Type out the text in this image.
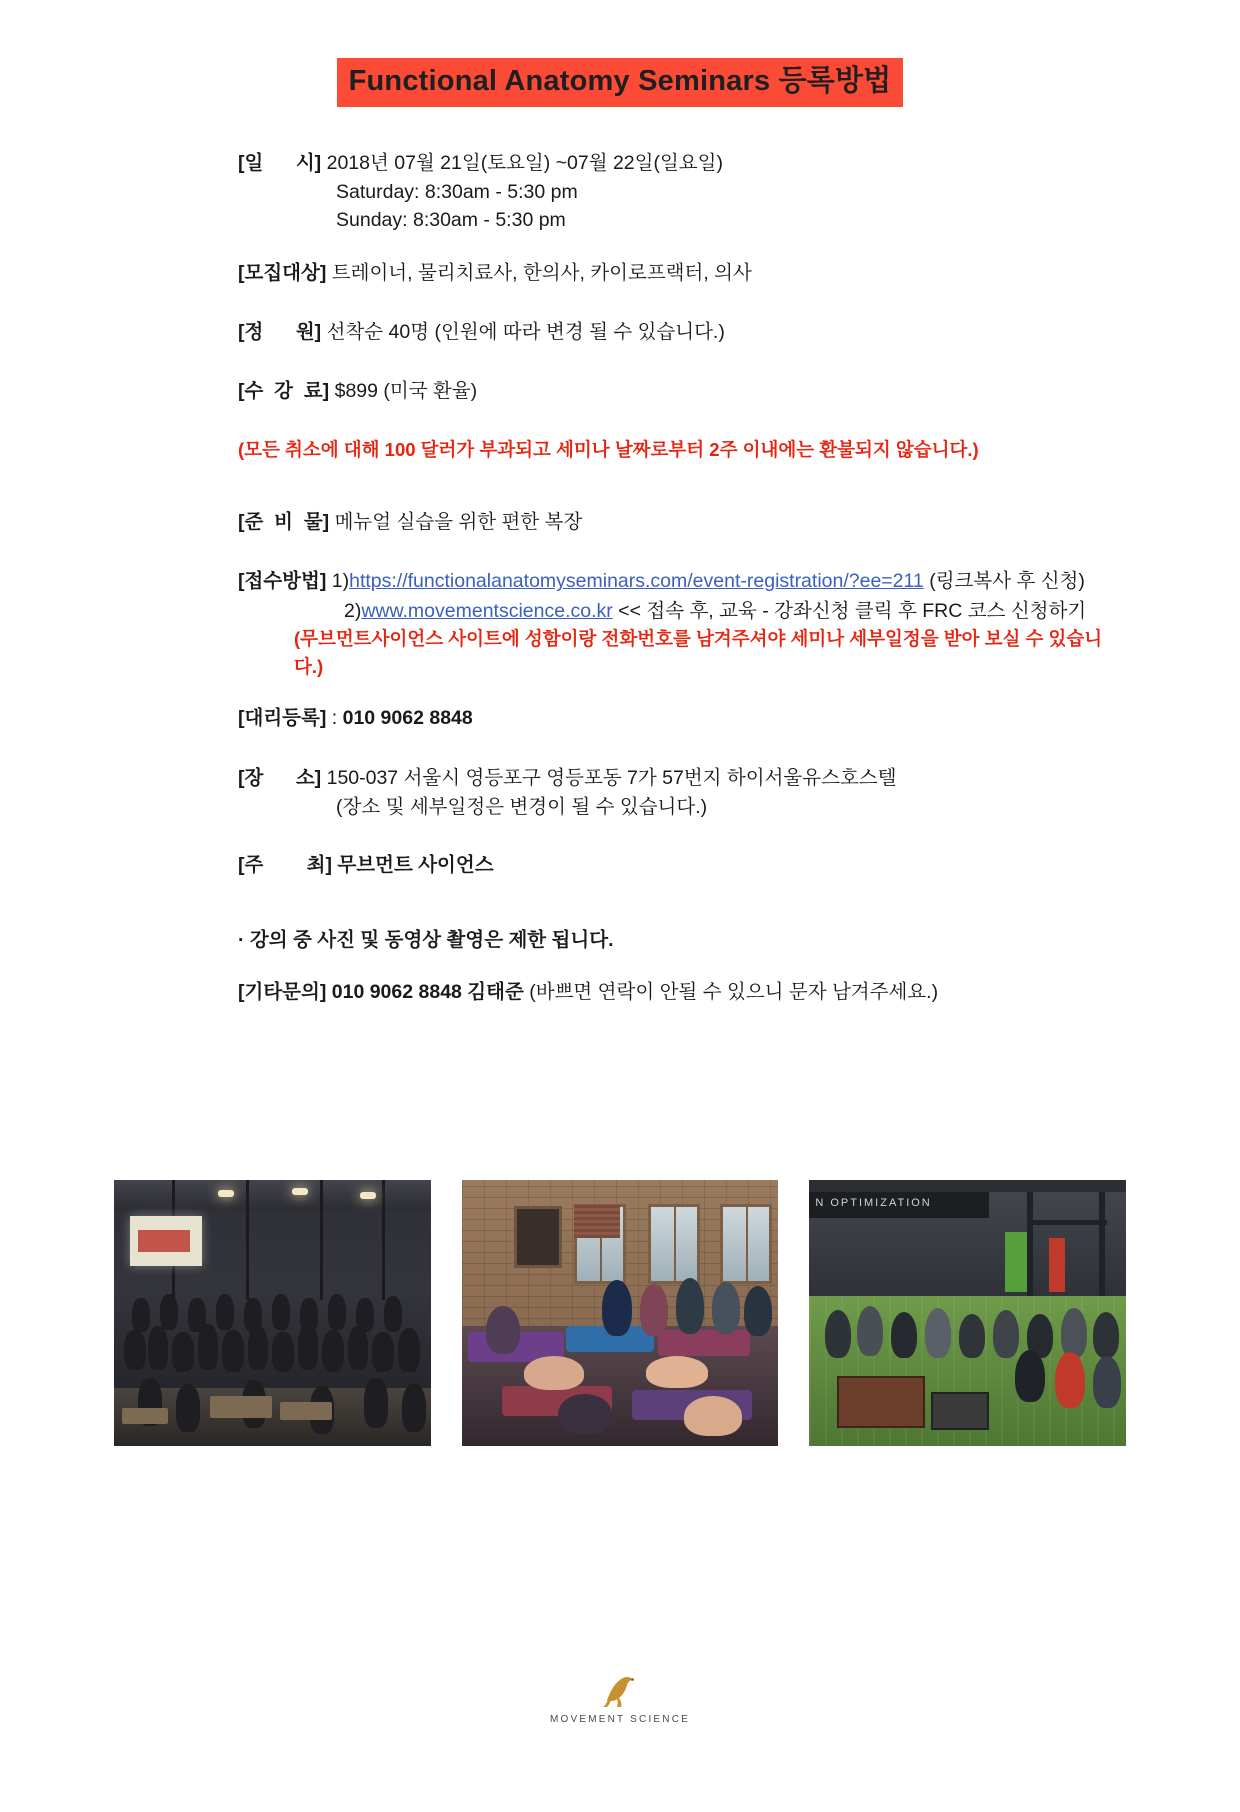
Functional Anatomy Seminars 등록방법
[일      시] 2018년 07월 21일(토요일) ~07월 22일(일요일)
Saturday: 8:30am - 5:30 pm
Sunday: 8:30am - 5:30 pm
[모집대상] 트레이너, 물리치료사, 한의사, 카이로프랙터, 의사
[정      원] 선착순 40명 (인원에 따라 변경 될 수 있습니다.)
[수  강  료] $899 (미국 환율)
(모든 취소에 대해 100 달러가 부과되고 세미나 날짜로부터 2주 이내에는 환불되지 않습니다.)
[준  비  물] 메뉴얼 실습을 위한 편한 복장
[접수방법] 1)https://functionalanatomyseminars.com/event-registration/?ee=211 (링크복사 후 신청)
2)www.movementscience.co.kr << 접속 후, 교육 - 강좌신청 클릭 후 FRC 코스 신청하기
(무브먼트사이언스 사이트에 성함이랑 전화번호를 남겨주셔야 세미나 세부일정을 받아 보실 수 있습니다.)
[대리등록] : 010 9062 8848
[장      소] 150-037 서울시 영등포구 영등포동 7가 57번지 하이서울유스호스텔
(장소 및 세부일정은 변경이 될 수 있습니다.)
[주        최] 무브먼트 사이언스
· 강의 중 사진 및 동영상 촬영은 제한 됩니다.
[기타문의] 010 9062 8848 김태준 (바쁘면 연락이 안될 수 있으니 문자 남겨주세요.)
N OPTIMIZATION
MOVEMENT SCIENCE
